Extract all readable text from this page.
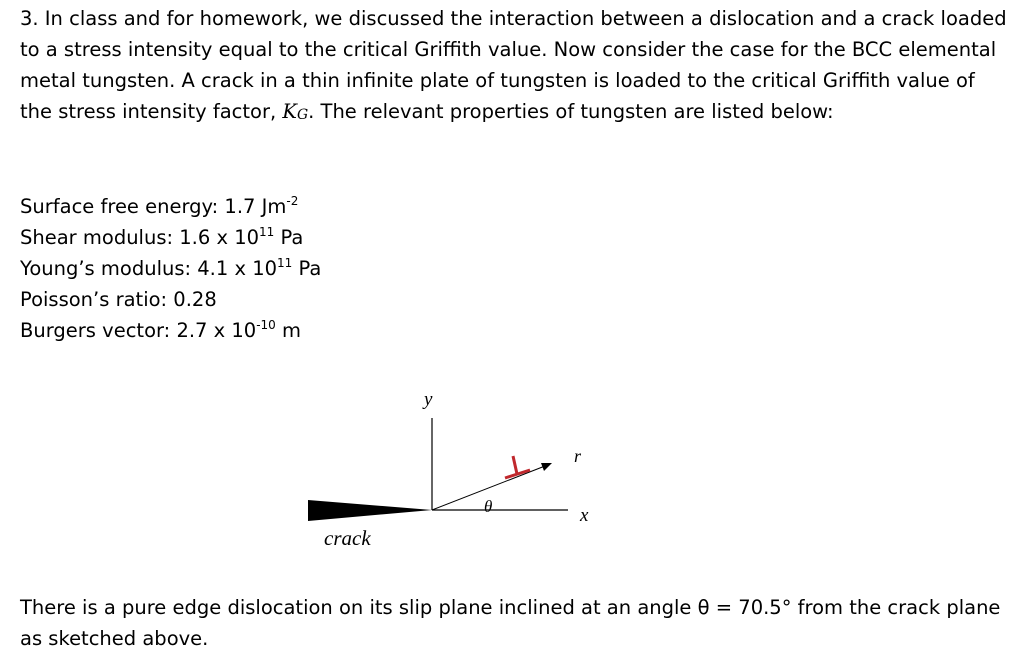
3. In class and for homework, we discussed the interaction between a dislocation and a crack loaded to a stress intensity equal to the critical Griffith value. Now consider the case for the BCC elemental metal tungsten. A crack in a thin infinite plate of tungsten is loaded to the critical Griffith value of the stress intensity factor, $K_G$. The relevant properties of tungsten are listed below:

Surface free energy: 1.7 $Jm^{-2}$
Shear modulus: 1.6 x $10^{11}$ Pa
Young’s modulus: 4.1 x $10^{11}$ Pa
Poisson’s ratio: 0.28
Burgers vector: 2.7 x $10^{-10}$ m
y
r
x
θ
crack

There is a pure edge dislocation on its slip plane inclined at an angle θ = 70.5° from the crack plane as sketched above.
